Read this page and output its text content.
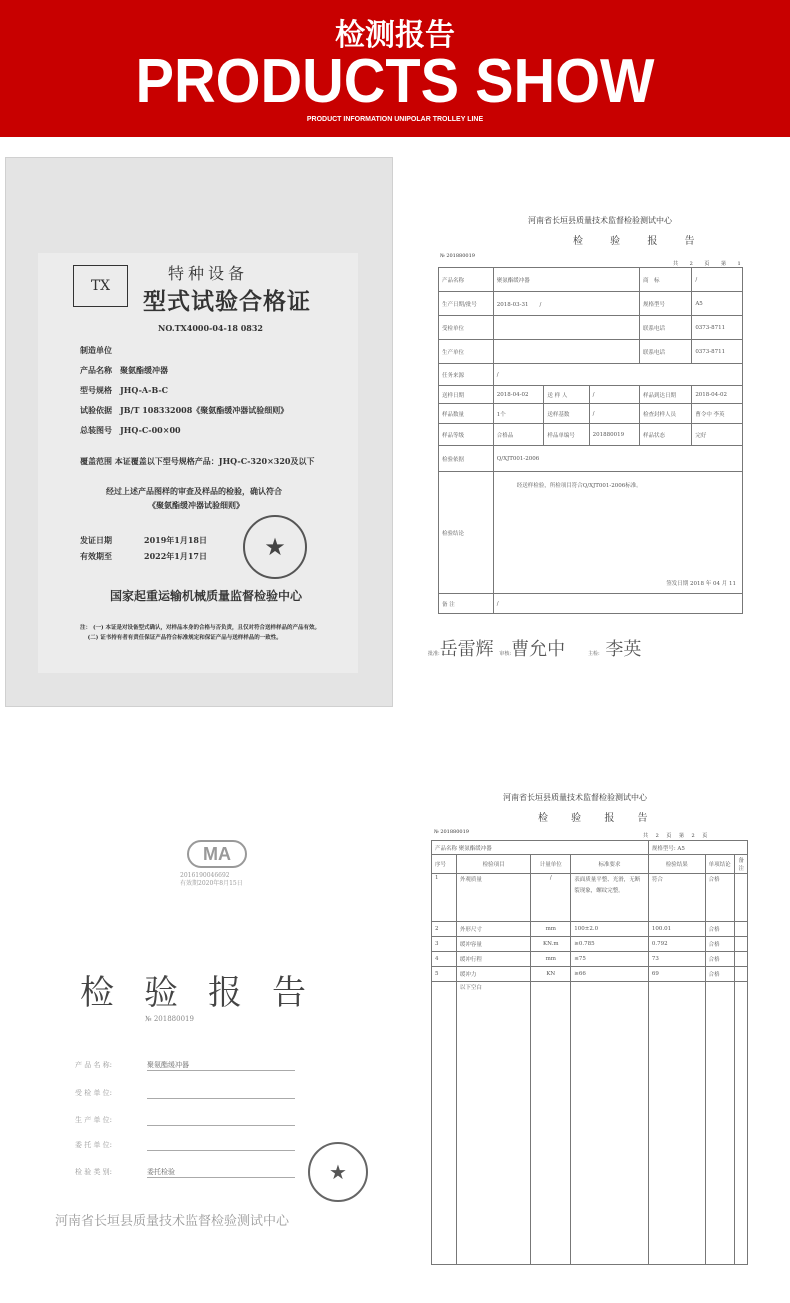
检测报告
PRODUCTS SHOW
PRODUCT INFORMATION UNIPOLAR TROLLEY LINE
TX
特种设备
型式试验合格证
NO.TX4000-04-18 0832
制造单位
产品名称 聚氨酯缓冲器
型号规格 JHQ-A-B-C
试验依据 JB/T 108332008《聚氨酯缓冲器试验细则》
总装图号 JHQ-C-00×00
覆盖范围 本证覆盖以下型号规格产品：JHQ-C-320×320及以下
经过上述产品图样的审查及样品的检验，确认符合
《聚氨酯缓冲器试验细则》
发证日期	2019年1月18日
有效期至	2022年1月17日	★
国家起重运输机械质量监督检验中心
注： (一) 本证是对设备型式确认，对样品本身的合格与否负责，且仅对符合送样样品的产品有效。
(二) 证书持有者有责任保证产品符合标准规定和保证产品与送样样品的一致性。
河南省长垣县质量技术监督检验测试中心
检 验 报 告
№ 201880019
共 2 页 第 1
产品名称	聚氨酯缓冲器			商　标	/
生产日期/批号	2018-03-31　　/			规格型号	A5
受检单位				联系电话	0373-8711
生产单位				联系电话	0373-8711
任务来源	/				
送样日期	2018-04-02	送 样 人	/	样品到达日期	2018-04-02
样品数量	1个	送样基数	/	检查封样人员	曹令中 李英
样品等级	合格品	样品单编号	201880019	样品状态	完好
检验依据	Q/XJT001-2006				
检验结论	经送样检验，所检项目符合Q/XJT001-2006标准。
签发日期 2018 年 04 月 11				

备 注	/				
批准:岳雷辉 审核:曹允中	主检: 李英
MA
2016190046692
有效期2020年8月15日
检验报告
№ 201880019
产 品 名 称:	聚氨酯缓冲器
受 检 单 位:
生 产 单 位:
委 托 单 位:
检 验 类 别:	委托检验
河南省长垣县质量技术监督检验测试中心
★
河南省长垣县质量技术监督检验测试中心
检 验 报 告
№ 201880019
共 2 页 第 2 页
产品名称 聚氨酯缓冲器				规格型号: A5		
序号	检验项目	计量单位	标准要求	检验结果	单项结论	备注
1	外观质量	/	表面质量平整、光滑，无断裂现象，螺纹完整。	符合	合格	
2	外形尺寸	mm	100±2.0	100.01	合格	
3	缓冲容量	KN.m	≥0.785	0.792	合格	
4	缓冲行程	mm	≤75	73	合格	
5	缓冲力	KN	≥66	69	合格	
	以下空白					
